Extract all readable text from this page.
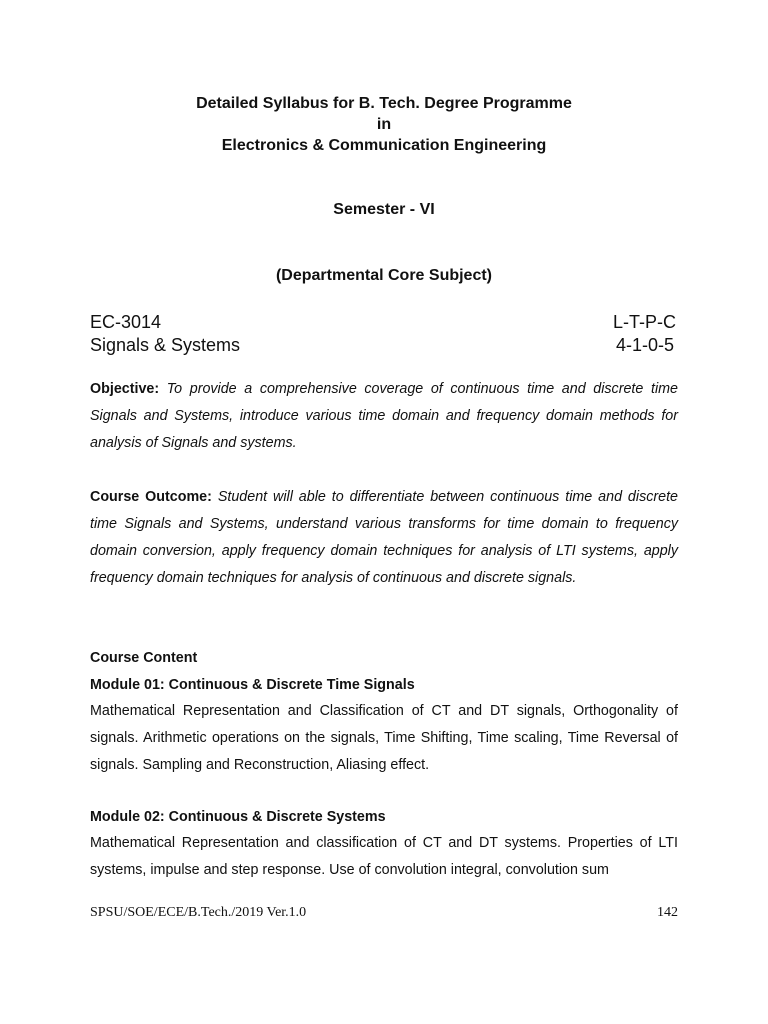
Detailed Syllabus for B. Tech. Degree Programme
in
Electronics & Communication Engineering
Semester - VI
(Departmental Core Subject)
EC-3014	L-T-P-C
Signals & Systems	4-1-0-5

Objective: To provide a comprehensive coverage of continuous time and discrete time Signals and Systems, introduce various time domain and frequency domain methods for analysis of Signals and systems.

Course Outcome: Student will able to differentiate between continuous time and discrete time Signals and Systems, understand various transforms for time domain to frequency domain conversion, apply frequency domain techniques for analysis of LTI systems, apply frequency domain techniques for analysis of continuous and discrete signals.

Course Content
Module 01: Continuous & Discrete Time Signals

Mathematical Representation and Classification of CT and DT signals, Orthogonality of signals. Arithmetic operations on the signals, Time Shifting, Time scaling, Time Reversal of signals. Sampling and Reconstruction, Aliasing effect.

Module 02: Continuous & Discrete Systems

Mathematical Representation and classification of CT and DT systems. Properties of LTI systems, impulse and step response. Use of convolution integral, convolution sum

SPSU/SOE/ECE/B.Tech./2019 Ver.1.0	142
